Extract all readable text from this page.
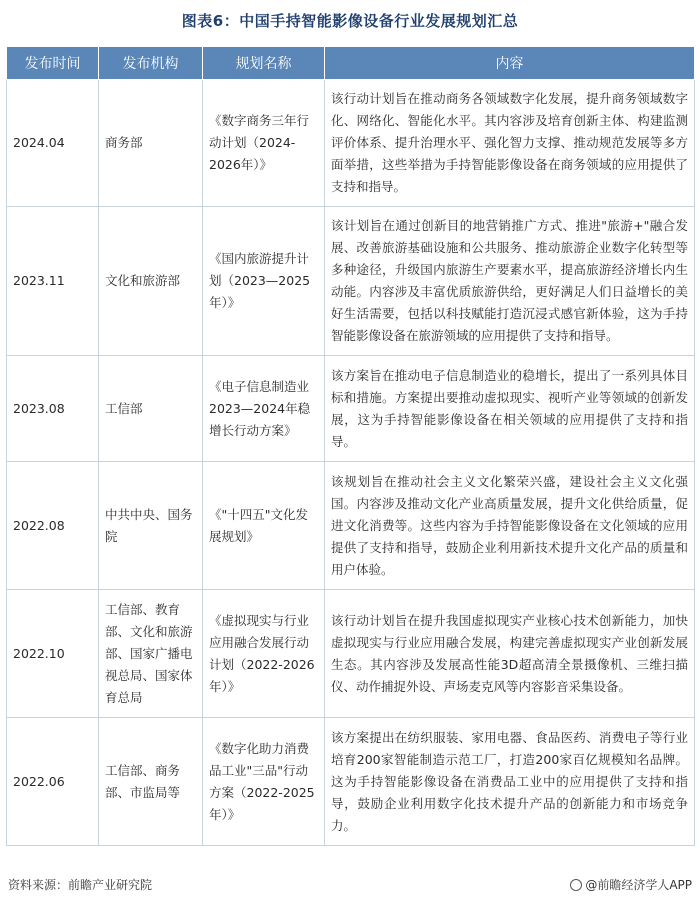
图表6：中国手持智能影像设备行业发展规划汇总
发布时间	发布机构	规划名称	内容
2024.04	商务部	《数字商务三年行动计划（2024-2026年）》	该行动计划旨在推动商务各领域数字化发展，提升商务领域数字化、网络化、智能化水平。其内容涉及培育创新主体、构建监测评价体系、提升治理水平、强化智力支撑、推动规范发展等多方面举措，这些举措为手持智能影像设备在商务领域的应用提供了支持和指导。
2023.11	文化和旅游部	《国内旅游提升计划（2023—2025年）》	该计划旨在通过创新目的地营销推广方式、推进"旅游+"融合发展、改善旅游基础设施和公共服务、推动旅游企业数字化转型等多种途径，升级国内旅游生产要素水平，提高旅游经济增长内生动能。内容涉及丰富优质旅游供给，更好满足人们日益增长的美好生活需要，包括以科技赋能打造沉浸式感官新体验，这为手持智能影像设备在旅游领域的应用提供了支持和指导。
2023.08	工信部	《电子信息制造业2023—2024年稳增长行动方案》	该方案旨在推动电子信息制造业的稳增长，提出了一系列具体目标和措施。方案提出要推动虚拟现实、视听产业等领域的创新发展，这为手持智能影像设备在相关领域的应用提供了支持和指导。
2022.08	中共中央、国务院	《"十四五"文化发展规划》	该规划旨在推动社会主义文化繁荣兴盛，建设社会主义文化强国。内容涉及推动文化产业高质量发展，提升文化供给质量，促进文化消费等。这些内容为手持智能影像设备在文化领域的应用提供了支持和指导，鼓励企业利用新技术提升文化产品的质量和用户体验。
2022.10	工信部、教育部、文化和旅游部、国家广播电视总局、国家体育总局	《虚拟现实与行业应用融合发展行动计划（2022-2026年）》	该行动计划旨在提升我国虚拟现实产业核心技术创新能力，加快虚拟现实与行业应用融合发展，构建完善虚拟现实产业创新发展生态。其内容涉及发展高性能3D超高清全景摄像机、三维扫描仪、动作捕捉外设、声场麦克风等内容影音采集设备。
2022.06	工信部、商务部、市监局等	《数字化助力消费品工业"三品"行动方案（2022-2025年）》	该方案提出在纺织服装、家用电器、食品医药、消费电子等行业培育200家智能制造示范工厂，打造200家百亿规模知名品牌。这为手持智能影像设备在消费品工业中的应用提供了支持和指导，鼓励企业利用数字化技术提升产品的创新能力和市场竞争力。
资料来源：前瞻产业研究院	@前瞻经济学人APP
